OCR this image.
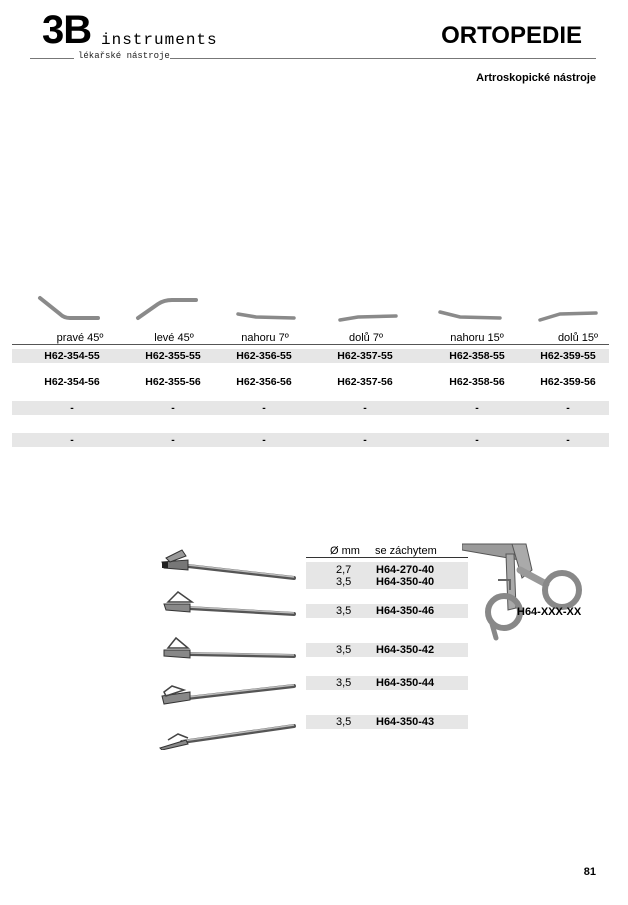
3B instruments
lékařské nástroje
ORTOPEDIE
Artroskopické nástroje
pravé 45º	levé 45º	nahoru 7º	dolů 7º	nahoru 15º	dolů 15º
H62-354-55	H62-355-55	H62-356-55	H62-357-55	H62-358-55	H62-359-55
H62-354-56	H62-355-56	H62-356-56	H62-357-56	H62-358-56	H62-359-56
-	-	-	-	-	-
-	-	-	-	-	-
Ø mm se záchytem
2,7 H64-270-40
3,5 H64-350-40
3,5 H64-350-46
3,5 H64-350-42
3,5 H64-350-44
3,5 H64-350-43
H64-XXX-XX
81
